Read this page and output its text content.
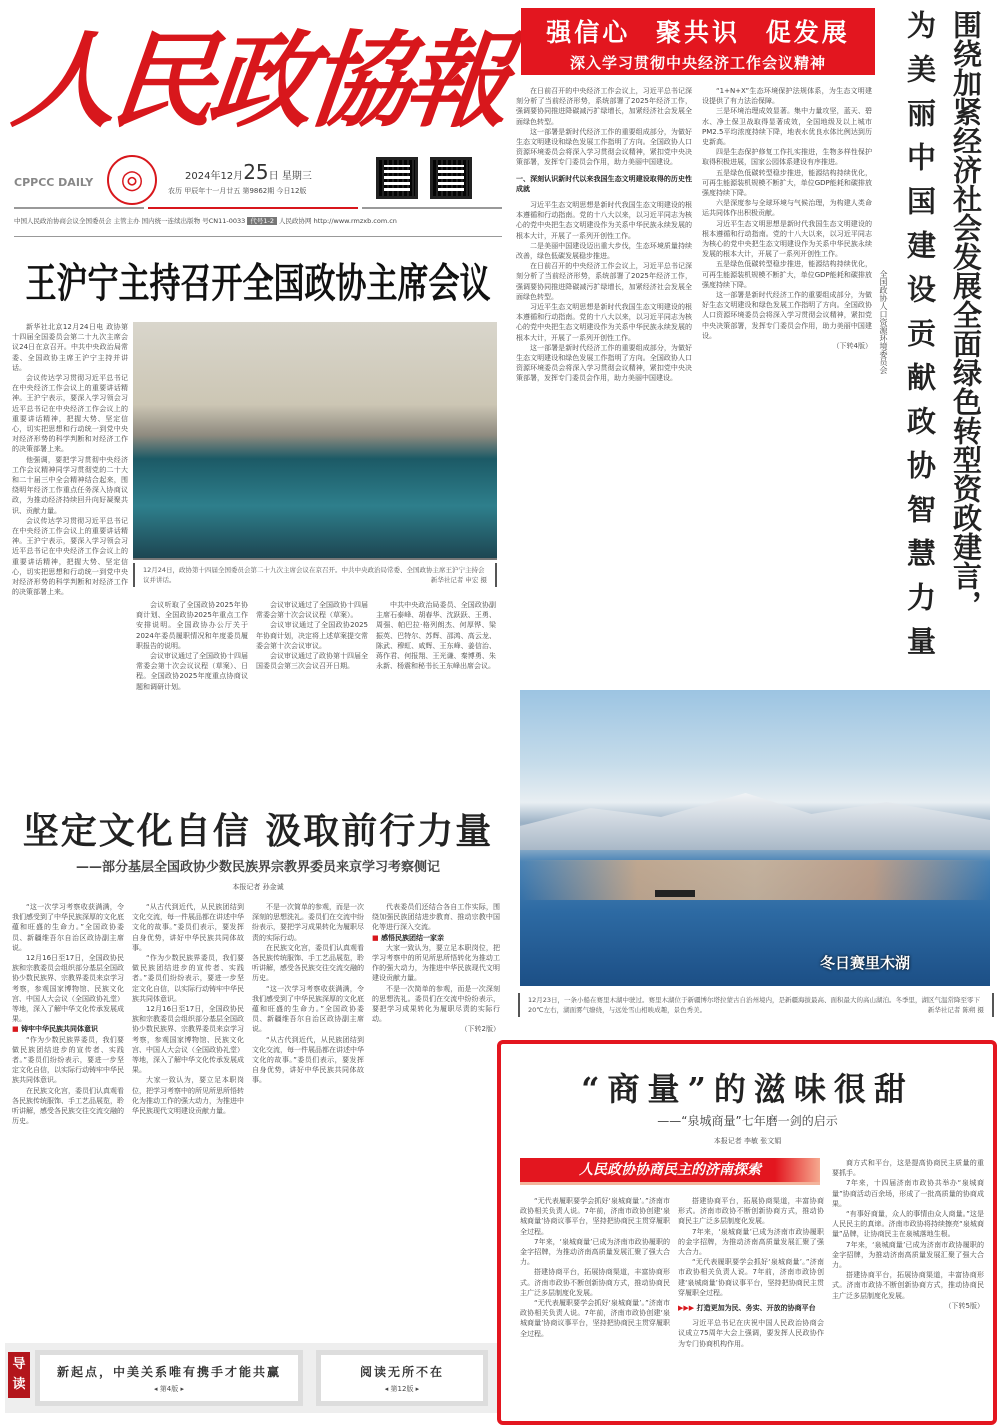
人民政協報
CPPCC DAILY	◎	2024年12月25日 星期三
农历 甲辰年十一月廿五 第9862期 今日12版
中国人民政治协商会议全国委员会 主管主办 国内统一连续出版物 号CN11-0033 代号1-2 人民政协网 http://www.rmzxb.com.cn
王沪宁主持召开全国政协主席会议

新华社北京12月24日电 政协第十四届全国委员会第二十九次主席会议24日在京召开。中共中央政治局常委、全国政协主席王沪宁主持并讲话。

会议传达学习贯彻习近平总书记在中央经济工作会议上的重要讲话精神。王沪宁表示，要深入学习领会习近平总书记在中央经济工作会议上的重要讲话精神，把握大势、坚定信心，切实把思想和行动统一到党中央对经济形势的科学判断和对经济工作的决策部署上来。

他强调，要把学习贯彻中央经济工作会议精神同学习贯彻党的二十大和二十届三中全会精神结合起来，围绕明年经济工作重点任务深入协商议政，为推动经济持续回升向好凝聚共识、贡献力量。

会议传达学习贯彻习近平总书记在中央经济工作会议上的重要讲话精神。王沪宁表示，要深入学习领会习近平总书记在中央经济工作会议上的重要讲话精神，把握大势、坚定信心，切实把思想和行动统一到党中央对经济形势的科学判断和对经济工作的决策部署上来。

12月24日，政协第十四届全国委员会第二十九次主席会议在京召开。中共中央政治局常委、全国政协主席王沪宁主持会议并讲话。	新华社记者 申宏 摄

会议听取了全国政协2025年协商计划、全国政协2025年重点工作安排说明。全国政协办公厅关于2024年委员履职情况和年度委员履职报告的说明。

会议审议通过了全国政协十四届常委会第十次会议议程（草案）、日程。全国政协2025年度重点协商议题和调研计划。

会议审议通过了全国政协十四届常委会第十次会议议程（草案）。

会议审议通过了全国政协2025年协商计划，决定将上述草案提交常委会第十次会议审议。

会议审议通过了政协第十四届全国委员会第三次会议召开日期。

中共中央政治局委员、全国政协副主席石泰峰、胡春华、沈跃跃、王勇、周强、帕巴拉·格列朗杰、何厚铧、梁振英、巴特尔、苏辉、邵鸿、高云龙、陈武、穆虹、咸辉、王东峰、姜信治、蒋作君、何报翔、王光谦、秦博勇、朱永新、杨震和秘书长王东峰出席会议。

坚定文化自信 汲取前行力量
——部分基层全国政协少数民族界宗教界委员来京学习考察侧记
本报记者 孙金诚

“这一次学习考察收获满满，令我们感受到了中华民族深厚的文化底蕴和旺盛的生命力。”全国政协委员、新疆维吾尔自治区政协副主席说。

12月16日至17日，全国政协民族和宗教委员会组织部分基层全国政协少数民族界、宗教界委员来京学习考察，参观国家博物馆、民族文化宫、中国人大会议（全国政协礼堂）等地，深入了解中华文化传承发展成果。

■ 铸牢中华民族共同体意识

“作为少数民族界委员，我们要做民族团结进步的宣传者、实践者。”委员们纷纷表示，要进一步坚定文化自信，以实际行动铸牢中华民族共同体意识。

在民族文化宫，委员们认真观看各民族传统服饰、手工艺品展览，聆听讲解，感受各民族交往交流交融的历史。

“从古代到近代，从民族团结到文化交流，每一件展品都在讲述中华文化的故事。”委员们表示，要发挥自身优势，讲好中华民族共同体故事。

“作为少数民族界委员，我们要做民族团结进步的宣传者、实践者。”委员们纷纷表示，要进一步坚定文化自信，以实际行动铸牢中华民族共同体意识。

12月16日至17日，全国政协民族和宗教委员会组织部分基层全国政协少数民族界、宗教界委员来京学习考察，参观国家博物馆、民族文化宫、中国人大会议（全国政协礼堂）等地，深入了解中华文化传承发展成果。

大家一致认为，要立足本职岗位，把学习考察中的所见所思所悟转化为推动工作的强大动力，为推进中华民族现代文明建设贡献力量。

不是一次简单的参观，而是一次深刻的思想洗礼。委员们在交流中纷纷表示，要把学习成果转化为履职尽责的实际行动。

在民族文化宫，委员们认真观看各民族传统服饰、手工艺品展览，聆听讲解，感受各民族交往交流交融的历史。

“这一次学习考察收获满满，令我们感受到了中华民族深厚的文化底蕴和旺盛的生命力。”全国政协委员、新疆维吾尔自治区政协副主席说。

“从古代到近代，从民族团结到文化交流，每一件展品都在讲述中华文化的故事。”委员们表示，要发挥自身优势，讲好中华民族共同体故事。

代表委员们还结合各自工作实际，围绕加强民族团结进步教育、推动宗教中国化等进行深入交流。

■ 感悟民族团结一家亲

大家一致认为，要立足本职岗位，把学习考察中的所见所思所悟转化为推动工作的强大动力，为推进中华民族现代文明建设贡献力量。

不是一次简单的参观，而是一次深刻的思想洗礼。委员们在交流中纷纷表示，要把学习成果转化为履职尽责的实际行动。

（下转2版）

导读
新起点，中美关系唯有携手才能共赢
◂ 第4版 ▸
阅读无所不在
◂ 第12版 ▸
强信心 聚共识 促发展
深入学习贯彻中央经济工作会议精神

在日前召开的中央经济工作会议上，习近平总书记深刻分析了当前经济形势，系统部署了2025年经济工作，强调要协同推进降碳减污扩绿增长，加紧经济社会发展全面绿色转型。

这一部署是新时代经济工作的重要组成部分，为做好生态文明建设和绿色发展工作指明了方向。全国政协人口资源环境委员会将深入学习贯彻会议精神，紧扣党中央决策部署，发挥专门委员会作用，助力美丽中国建设。

一、深刻认识新时代以来我国生态文明建设取得的历史性成就

习近平生态文明思想是新时代我国生态文明建设的根本遵循和行动指南。党的十八大以来，以习近平同志为核心的党中央把生态文明建设作为关系中华民族永续发展的根本大计，开展了一系列开创性工作。

二是美丽中国建设迈出重大步伐，生态环境质量持续改善，绿色低碳发展稳步推进。

在日前召开的中央经济工作会议上，习近平总书记深刻分析了当前经济形势，系统部署了2025年经济工作，强调要协同推进降碳减污扩绿增长，加紧经济社会发展全面绿色转型。

习近平生态文明思想是新时代我国生态文明建设的根本遵循和行动指南。党的十八大以来，以习近平同志为核心的党中央把生态文明建设作为关系中华民族永续发展的根本大计，开展了一系列开创性工作。

这一部署是新时代经济工作的重要组成部分，为做好生态文明建设和绿色发展工作指明了方向。全国政协人口资源环境委员会将深入学习贯彻会议精神，紧扣党中央决策部署，发挥专门委员会作用，助力美丽中国建设。

“1+N+X”生态环境保护法规体系，为生态文明建设提供了有力法治保障。

三是环境治理成效显著。集中力量攻坚，蓝天、碧水、净土保卫战取得显著成效，全国地级及以上城市PM2.5平均浓度持续下降，地表水优良水体比例达到历史新高。

四是生态保护修复工作扎实推进，生物多样性保护取得积极进展，国家公园体系建设有序推进。

五是绿色低碳转型稳步推进，能源结构持续优化，可再生能源装机规模不断扩大，单位GDP能耗和碳排放强度持续下降。

六是深度参与全球环境与气候治理，为构建人类命运共同体作出积极贡献。

习近平生态文明思想是新时代我国生态文明建设的根本遵循和行动指南。党的十八大以来，以习近平同志为核心的党中央把生态文明建设作为关系中华民族永续发展的根本大计，开展了一系列开创性工作。

五是绿色低碳转型稳步推进，能源结构持续优化，可再生能源装机规模不断扩大，单位GDP能耗和碳排放强度持续下降。

这一部署是新时代经济工作的重要组成部分，为做好生态文明建设和绿色发展工作指明了方向。全国政协人口资源环境委员会将深入学习贯彻会议精神，紧扣党中央决策部署，发挥专门委员会作用，助力美丽中国建设。

（下转4版） 全国政协人口资源环境委员会 为美丽中国建设贡献政协智慧力量 围绕加紧经济社会发展全面绿色转型资政建言，
冬日赛里木湖
12月23日，一条小船在赛里木湖中驶过。赛里木湖位于新疆博尔塔拉蒙古自治州境内，是新疆海拔最高、面积最大的高山湖泊。冬季里，湖区气温常降至零下20℃左右，湖面雾气缭绕，与远处雪山相映成趣，景色秀美。	新华社记者 陈朔 摄
“商量”的滋味很甜
——“泉城商量”七年磨一剑的启示
本报记者 李敏 张文娟
人民政协协商民主的济南探索

“无代表履职要学会抓好‘泉城商量’。”济南市政协相关负责人说。7年前，济南市政协创建‘泉城商量’协商议事平台，坚持把协商民主贯穿履职全过程。

7年来，‘泉城商量’已成为济南市政协履职的金字招牌，为推动济南高质量发展汇聚了强大合力。

搭建协商平台，拓展协商渠道，丰富协商形式。济南市政协不断创新协商方式，推动协商民主广泛多层制度化发展。

“无代表履职要学会抓好‘泉城商量’。”济南市政协相关负责人说。7年前，济南市政协创建‘泉城商量’协商议事平台，坚持把协商民主贯穿履职全过程。

搭建协商平台，拓展协商渠道，丰富协商形式。济南市政协不断创新协商方式，推动协商民主广泛多层制度化发展。

7年来，‘泉城商量’已成为济南市政协履职的金字招牌，为推动济南高质量发展汇聚了强大合力。

“无代表履职要学会抓好‘泉城商量’。”济南市政协相关负责人说。7年前，济南市政协创建‘泉城商量’协商议事平台，坚持把协商民主贯穿履职全过程。

▶▶▶ 打造更加为民、务实、开放的协商平台

习近平总书记在庆祝中国人民政治协商会议成立75周年大会上强调，要发挥人民政协作为专门协商机构作用。

商方式和平台，这是提高协商民主质量的重要抓手。

7年来，十四届济南市政协共举办“泉城商量”协商活动百余场，形成了一批高质量的协商成果。

“有事好商量，众人的事情由众人商量。”这是人民民主的真谛。济南市政协将持续擦亮“泉城商量”品牌，让协商民主在泉城落地生根。

7年来，‘泉城商量’已成为济南市政协履职的金字招牌，为推动济南高质量发展汇聚了强大合力。

搭建协商平台，拓展协商渠道，丰富协商形式。济南市政协不断创新协商方式，推动协商民主广泛多层制度化发展。

（下转5版）
